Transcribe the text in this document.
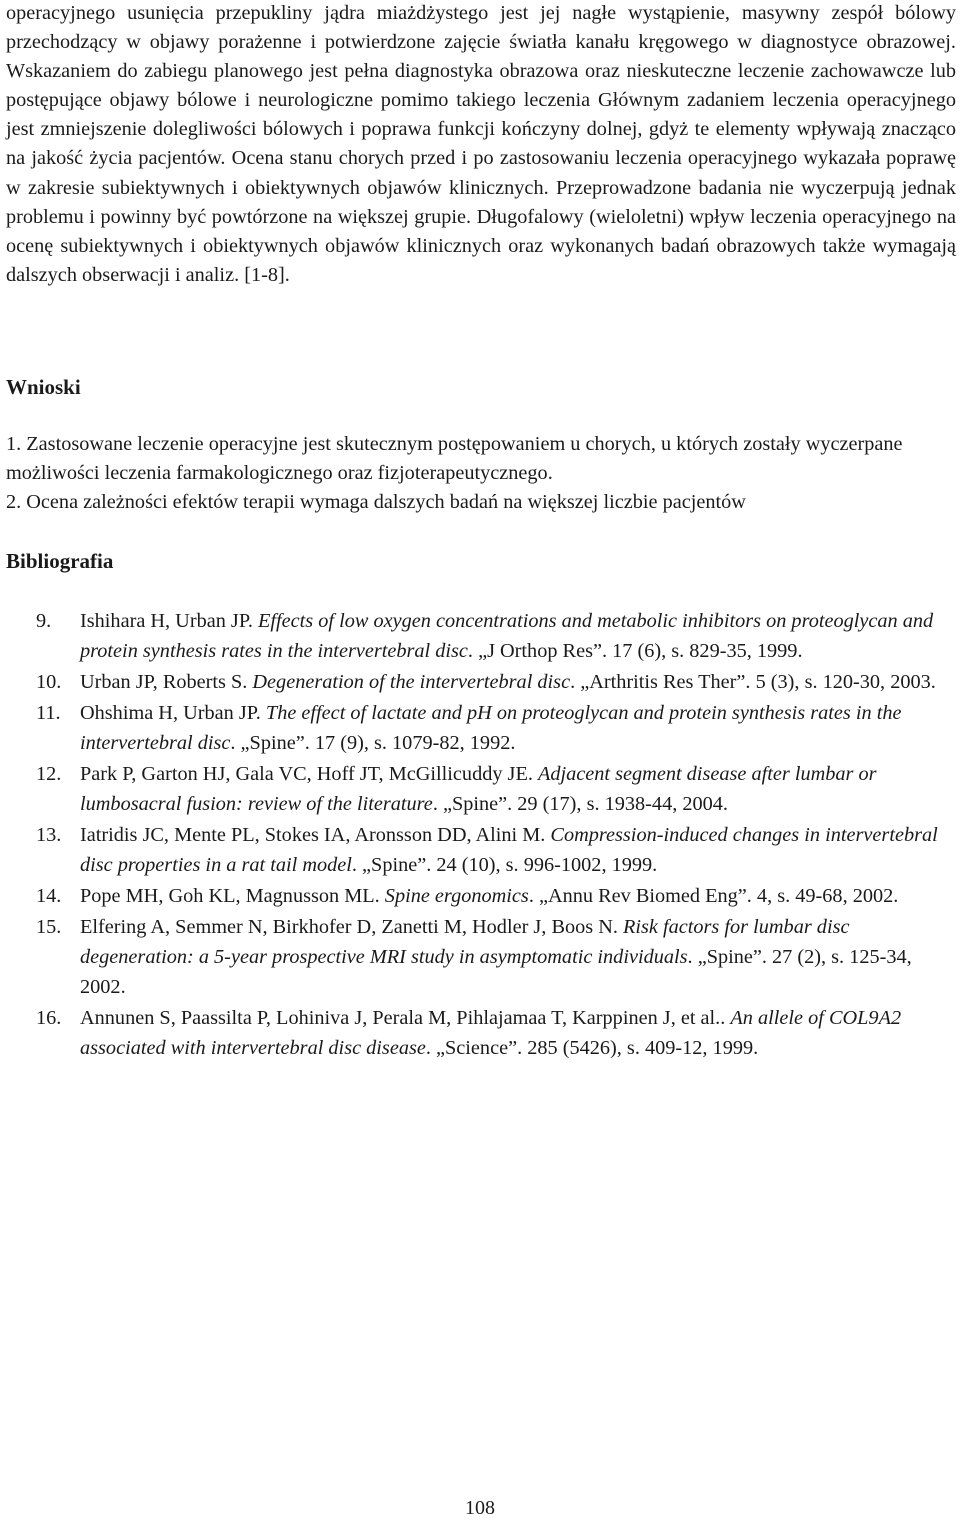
operacyjnego usunięcia przepukliny jądra miażdżystego jest jej nagłe wystąpienie, masywny zespół bólowy przechodzący w objawy porażenne i potwierdzone zajęcie światła kanału kręgowego w diagnostyce obrazowej. Wskazaniem do zabiegu planowego jest pełna diagnostyka obrazowa oraz nieskuteczne leczenie zachowawcze lub postępujące objawy bólowe i neurologiczne pomimo takiego leczenia Głównym zadaniem leczenia operacyjnego jest zmniejszenie dolegliwości bólowych i poprawa funkcji kończyny dolnej, gdyż te elementy wpływają znacząco na jakość życia pacjentów. Ocena stanu chorych przed i po zastosowaniu leczenia operacyjnego wykazała poprawę w zakresie subiektywnych i obiektywnych objawów klinicznych. Przeprowadzone badania nie wyczerpują jednak problemu i powinny być powtórzone na większej grupie. Długofalowy (wieloletni) wpływ leczenia operacyjnego na ocenę subiektywnych i obiektywnych objawów klinicznych oraz wykonanych badań obrazowych także wymagają dalszych obserwacji i analiz. [1-8].

Wnioski
1. Zastosowane leczenie operacyjne jest skutecznym postępowaniem u chorych, u których zostały wyczerpane możliwości leczenia farmakologicznego oraz fizjoterapeutycznego.
2. Ocena zależności efektów terapii wymaga dalszych badań na większej liczbie pacjentów
Bibliografia
9.	Ishihara H, Urban JP. Effects of low oxygen concentrations and metabolic inhibitors on proteoglycan and protein synthesis rates in the intervertebral disc. „J Orthop Res”. 17 (6), s. 829-35, 1999.
10. Urban JP, Roberts S. Degeneration of the intervertebral disc. „Arthritis Res Ther”. 5 (3), s. 120-30, 2003.
11. Ohshima H, Urban JP. The effect of lactate and pH on proteoglycan and protein synthesis rates in the intervertebral disc. „Spine”. 17 (9), s. 1079-82, 1992.
12. Park P, Garton HJ, Gala VC, Hoff JT, McGillicuddy JE. Adjacent segment disease after lumbar or lumbosacral fusion: review of the literature. „Spine”. 29 (17), s. 1938-44, 2004.
13. Iatridis JC, Mente PL, Stokes IA, Aronsson DD, Alini M. Compression-induced changes in intervertebral disc properties in a rat tail model. „Spine”. 24 (10), s. 996-1002, 1999.
14. Pope MH, Goh KL, Magnusson ML. Spine ergonomics. „Annu Rev Biomed Eng”. 4, s. 49-68, 2002.
15. Elfering A, Semmer N, Birkhofer D, Zanetti M, Hodler J, Boos N. Risk factors for lumbar disc degeneration: a 5-year prospective MRI study in asymptomatic individuals. „Spine”. 27 (2), s. 125-34, 2002.
16. Annunen S, Paassilta P, Lohiniva J, Perala M, Pihlajamaa T, Karppinen J, et al.. An allele of COL9A2 associated with intervertebral disc disease. „Science”. 285 (5426), s. 409-12, 1999.
108
